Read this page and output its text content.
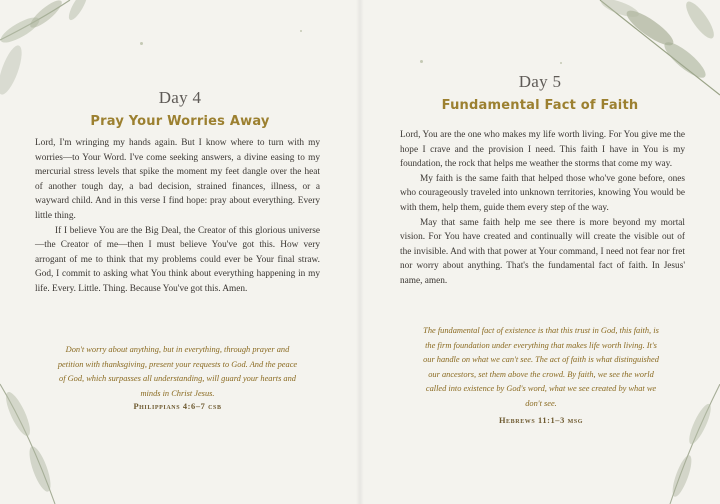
Day 4
Pray Your Worries Away

Lord, I'm wringing my hands again. But I know where to turn with my worries—to Your Word. I've come seeking answers, a divine easing to my mercurial stress levels that spike the moment my feet dangle over the heat of another tough day, a bad decision, strained finances, illness, or a wayward child. And in this verse I find hope: pray about everything. Every little thing.

If I believe You are the Big Deal, the Creator of this glorious universe—the Creator of me—then I must believe You've got this. How very arrogant of me to think that my problems could ever be Your final straw. God, I commit to asking what You think about everything happening in my life. Every. Little. Thing. Because You've got this. Amen.

Don't worry about anything, but in everything, through prayer and petition with thanksgiving, present your requests to God. And the peace of God, which surpasses all understanding, will guard your hearts and minds in Christ Jesus.
Philippians 4:6–7 csb
Day 5
Fundamental Fact of Faith

Lord, You are the one who makes my life worth living. For You give me the hope I crave and the provision I need. This faith I have in You is my foundation, the rock that helps me weather the storms that come my way.

My faith is the same faith that helped those who've gone before, ones who courageously traveled into unknown territories, knowing You would be with them, help them, guide them every step of the way.

May that same faith help me see there is more beyond my mortal vision. For You have created and continually will create the visible out of the invisible. And with that power at Your command, I need not fear nor fret nor worry about anything. That's the fundamental fact of faith. In Jesus' name, amen.

The fundamental fact of existence is that this trust in God, this faith, is the firm foundation under everything that makes life worth living. It's our handle on what we can't see. The act of faith is what distinguished our ancestors, set them above the crowd. By faith, we see the world called into existence by God's word, what we see created by what we don't see.
Hebrews 11:1–3 msg
